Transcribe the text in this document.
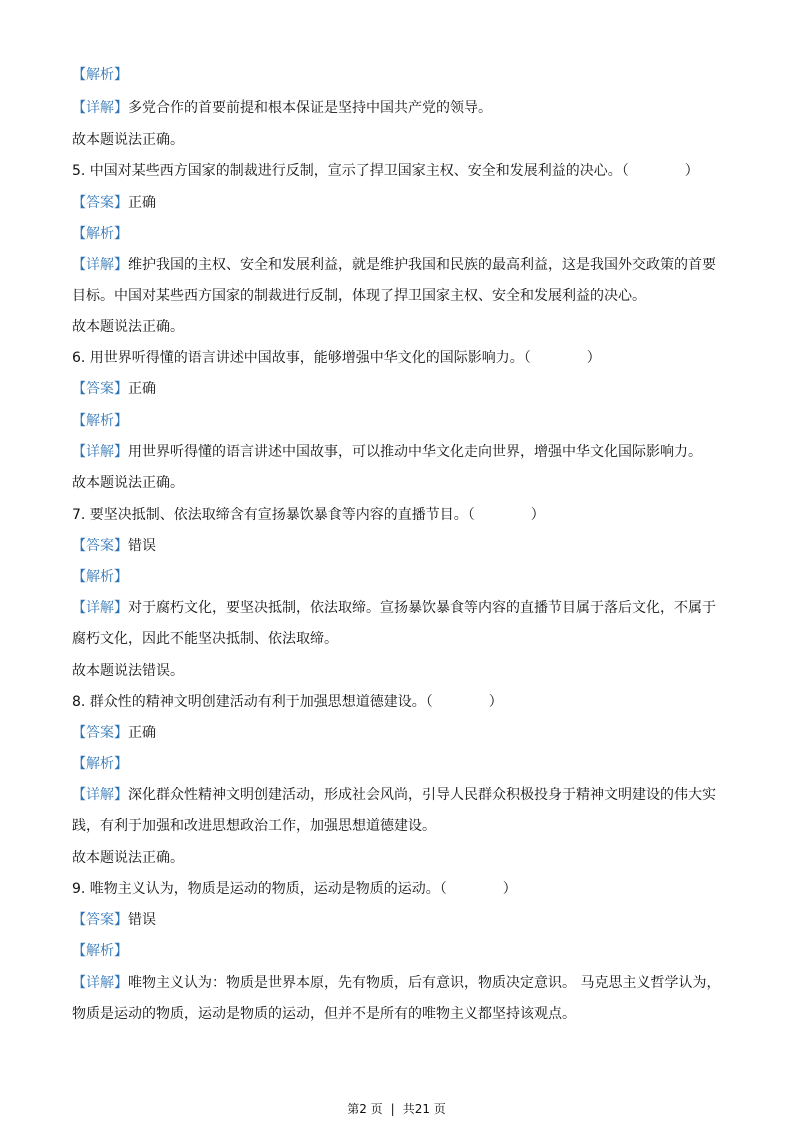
【解析】
【详解】多党合作的首要前提和根本保证是坚持中国共产党的领导。
故本题说法正确。
5. 中国对某些西方国家的制裁进行反制，宣示了捍卫国家主权、安全和发展利益的决心。（　　　　）
【答案】正确
【解析】
【详解】维护我国的主权、安全和发展利益，就是维护我国和民族的最高利益，这是我国外交政策的首要
目标。中国对某些西方国家的制裁进行反制，体现了捍卫国家主权、安全和发展利益的决心。
故本题说法正确。
6. 用世界听得懂的语言讲述中国故事，能够增强中华文化的国际影响力。（　　　　）
【答案】正确
【解析】
【详解】用世界听得懂的语言讲述中国故事，可以推动中华文化走向世界，增强中华文化国际影响力。
故本题说法正确。
7. 要坚决抵制、依法取缔含有宣扬暴饮暴食等内容的直播节目。（　　　　）
【答案】错误
【解析】
【详解】对于腐朽文化，要坚决抵制，依法取缔。宣扬暴饮暴食等内容的直播节目属于落后文化，不属于
腐朽文化，因此不能坚决抵制、依法取缔。
故本题说法错误。
8. 群众性的精神文明创建活动有利于加强思想道德建设。（　　　　）
【答案】正确
【解析】
【详解】深化群众性精神文明创建活动，形成社会风尚，引导人民群众积极投身于精神文明建设的伟大实
践，有利于加强和改进思想政治工作，加强思想道德建设。
故本题说法正确。
9. 唯物主义认为，物质是运动的物质，运动是物质的运动。（　　　　）
【答案】错误
【解析】
【详解】唯物主义认为：物质是世界本原，先有物质，后有意识，物质决定意识。 马克思主义哲学认为，
物质是运动的物质，运动是物质的运动，但并不是所有的唯物主义都坚持该观点。
第2 页 | 共21 页
